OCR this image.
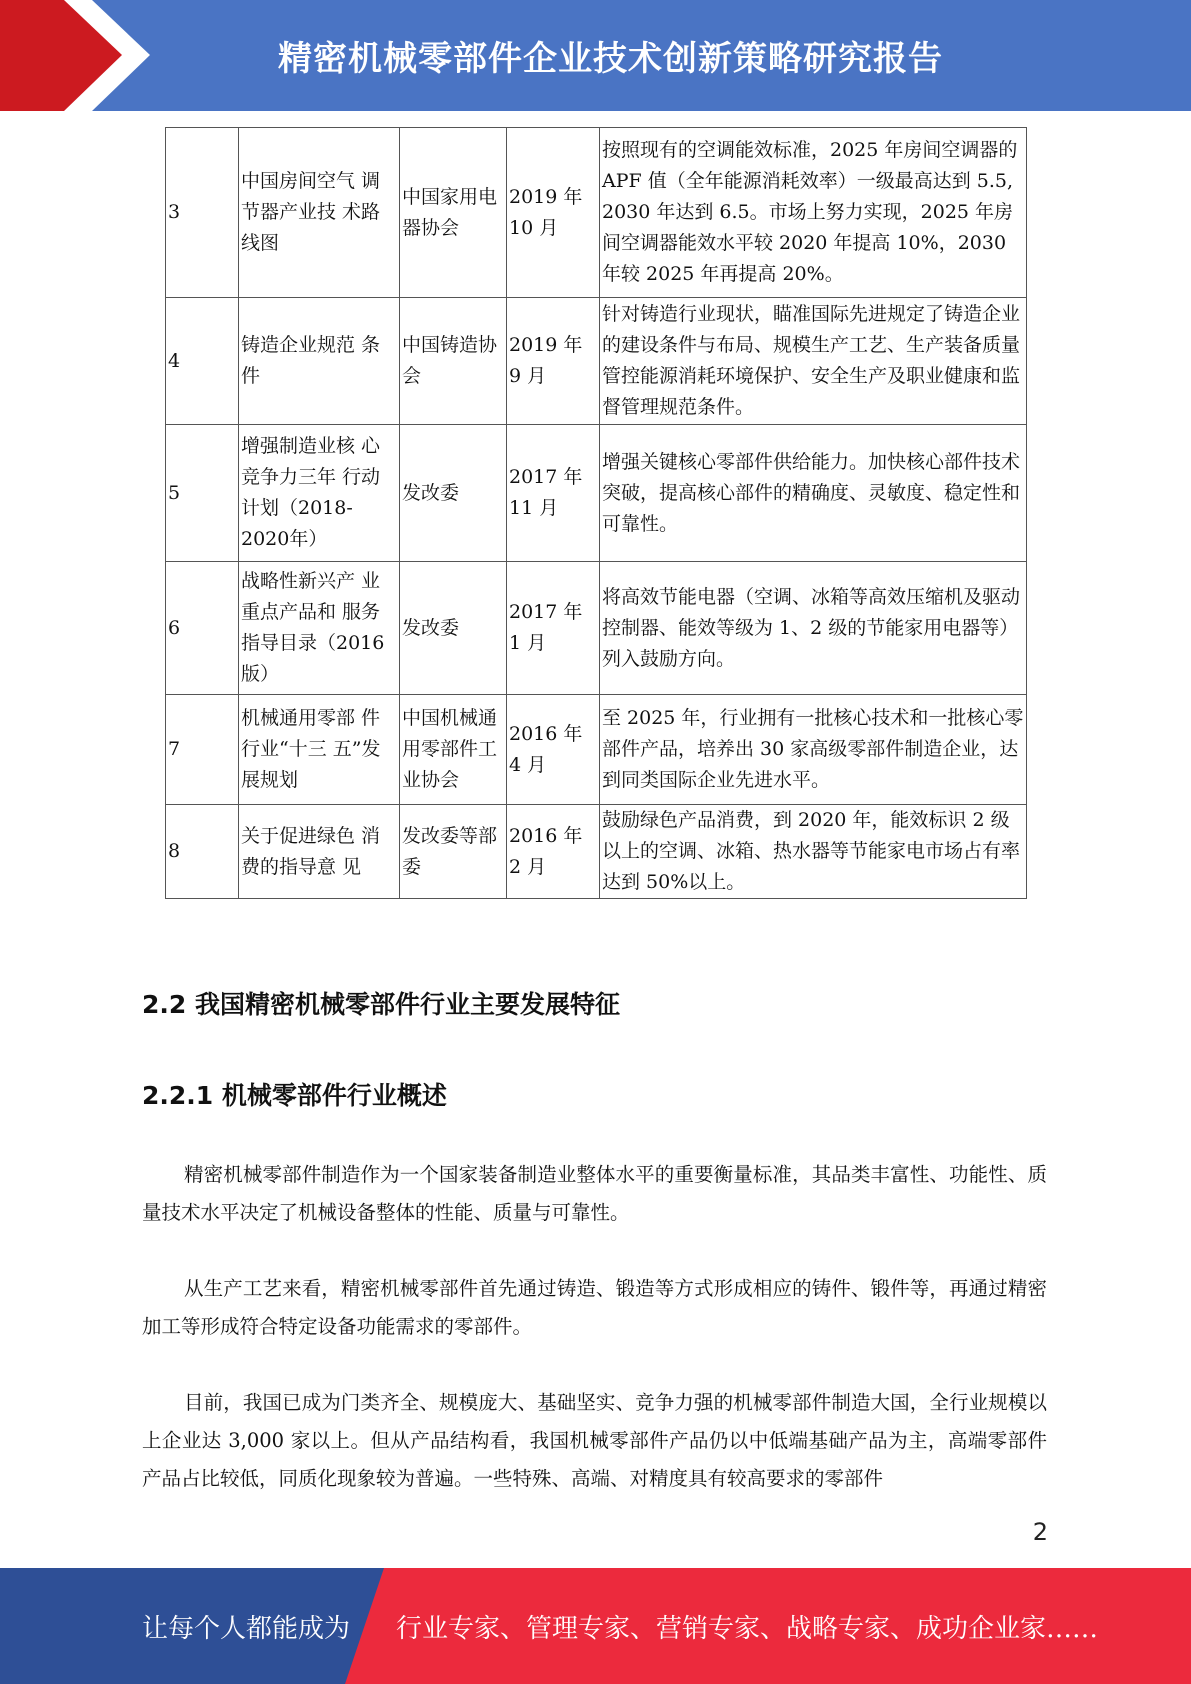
精密机械零部件企业技术创新策略研究报告
3	中国房间空气 调节器产业技 术路线图	中国家用电器协会	2019 年 10 月	按照现有的空调能效标准，2025 年房间空调器的 APF 值（全年能源消耗效率）一级最高达到 5.5, 2030 年达到 6.5。市场上努力实现，2025 年房间空调器能效水平较 2020 年提高 10%，2030 年较 2025 年再提高 20%。
4	铸造企业规范 条件	中国铸造协会	2019 年 9 月	针对铸造行业现状，瞄准国际先进规定了铸造企业的建设条件与布局、规模生产工艺、生产装备质量管控能源消耗环境保护、安全生产及职业健康和监督管理规范条件。
5	增强制造业核 心竞争力三年 行动计划（2018-2020年）	发改委	2017 年 11 月	增强关键核心零部件供给能力。加快核心部件技术突破，提高核心部件的精确度、灵敏度、稳定性和可靠性。
6	战略性新兴产 业重点产品和 服务指导目录（2016 版）	发改委	2017 年 1 月	将高效节能电器（空调、冰箱等高效压缩机及驱动控制器、能效等级为 1、2 级的节能家用电器等）列入鼓励方向。
7	机械通用零部 件行业“十三 五”发展规划	中国机械通用零部件工业协会	2016 年 4 月	至 2025 年，行业拥有一批核心技术和一批核心零部件产品，培养出 30 家高级零部件制造企业，达到同类国际企业先进水平。
8	关于促进绿色 消费的指导意 见	发改委等部委	2016 年 2 月	鼓励绿色产品消费，到 2020 年，能效标识 2 级以上的空调、冰箱、热水器等节能家电市场占有率达到 50%以上。
2.2 我国精密机械零部件行业主要发展特征
2.2.1 机械零部件行业概述

精密机械零部件制造作为一个国家装备制造业整体水平的重要衡量标准，其品类丰富性、功能性、质量技术水平决定了机械设备整体的性能、质量与可靠性。

从生产工艺来看，精密机械零部件首先通过铸造、锻造等方式形成相应的铸件、锻件等，再通过精密加工等形成符合特定设备功能需求的零部件。

目前，我国已成为门类齐全、规模庞大、基础坚实、竞争力强的机械零部件制造大国，全行业规模以上企业达 3,000 家以上。但从产品结构看，我国机械零部件产品仍以中低端基础产品为主，高端零部件产品占比较低，同质化现象较为普遍。一些特殊、高端、对精度具有较高要求的零部件

2
让每个人都能成为 行业专家、管理专家、营销专家、战略专家、成功企业家……
